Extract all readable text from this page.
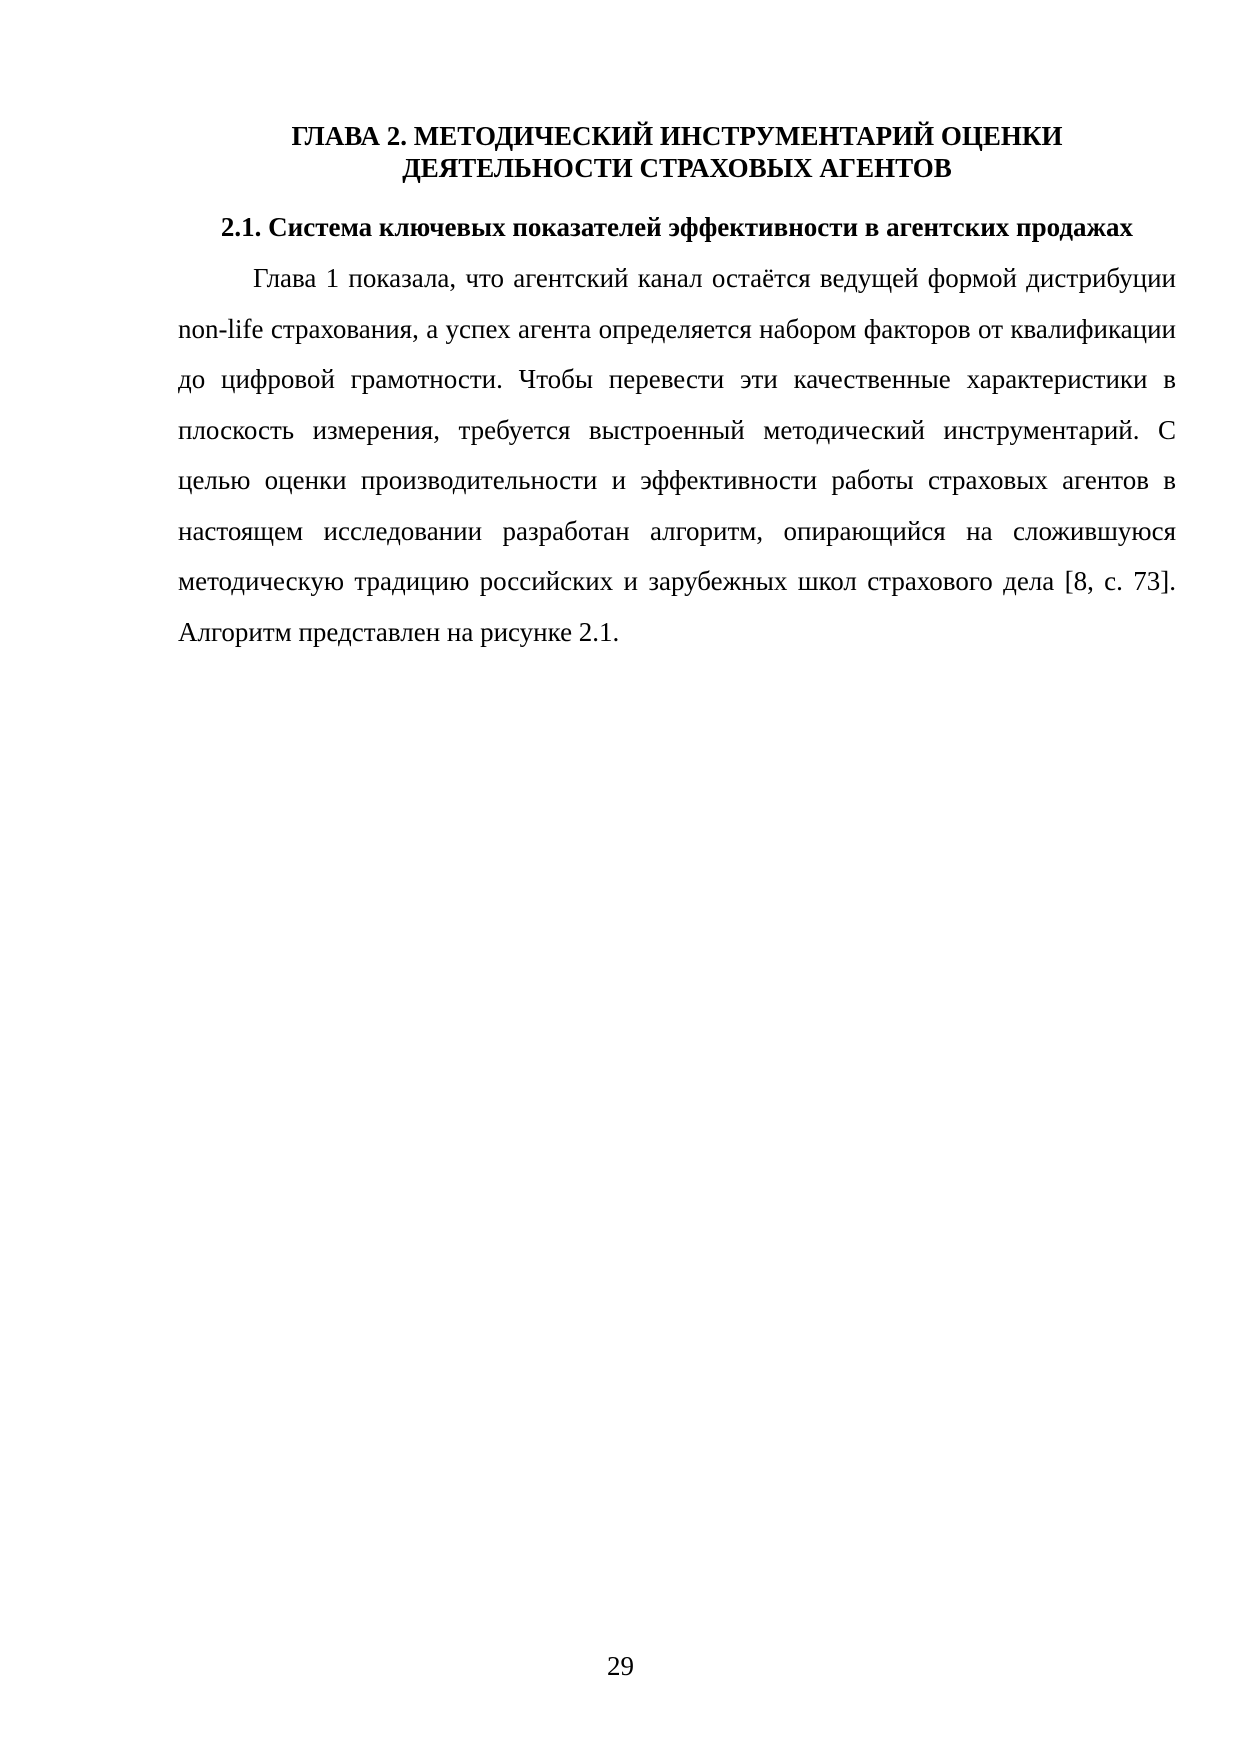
ГЛАВА 2. МЕТОДИЧЕСКИЙ ИНСТРУМЕНТАРИЙ ОЦЕНКИ
ДЕЯТЕЛЬНОСТИ СТРАХОВЫХ АГЕНТОВ
2.1. Система ключевых показателей эффективности в агентских продажах

Глава 1 показала, что агентский канал остаётся ведущей формой дистрибуции non-life страхования, а успех агента определяется набором факторов от квалификации до цифровой грамотности. Чтобы перевести эти качественные характеристики в плоскость измерения, требуется выстроенный методический инструментарий. С целью оценки производительности и эффективности работы страховых агентов в настоящем исследовании разработан алгоритм, опирающийся на сложившуюся методическую традицию российских и зарубежных школ страхового дела [8, с. 73]. Алгоритм представлен на рисунке 2.1.

29
